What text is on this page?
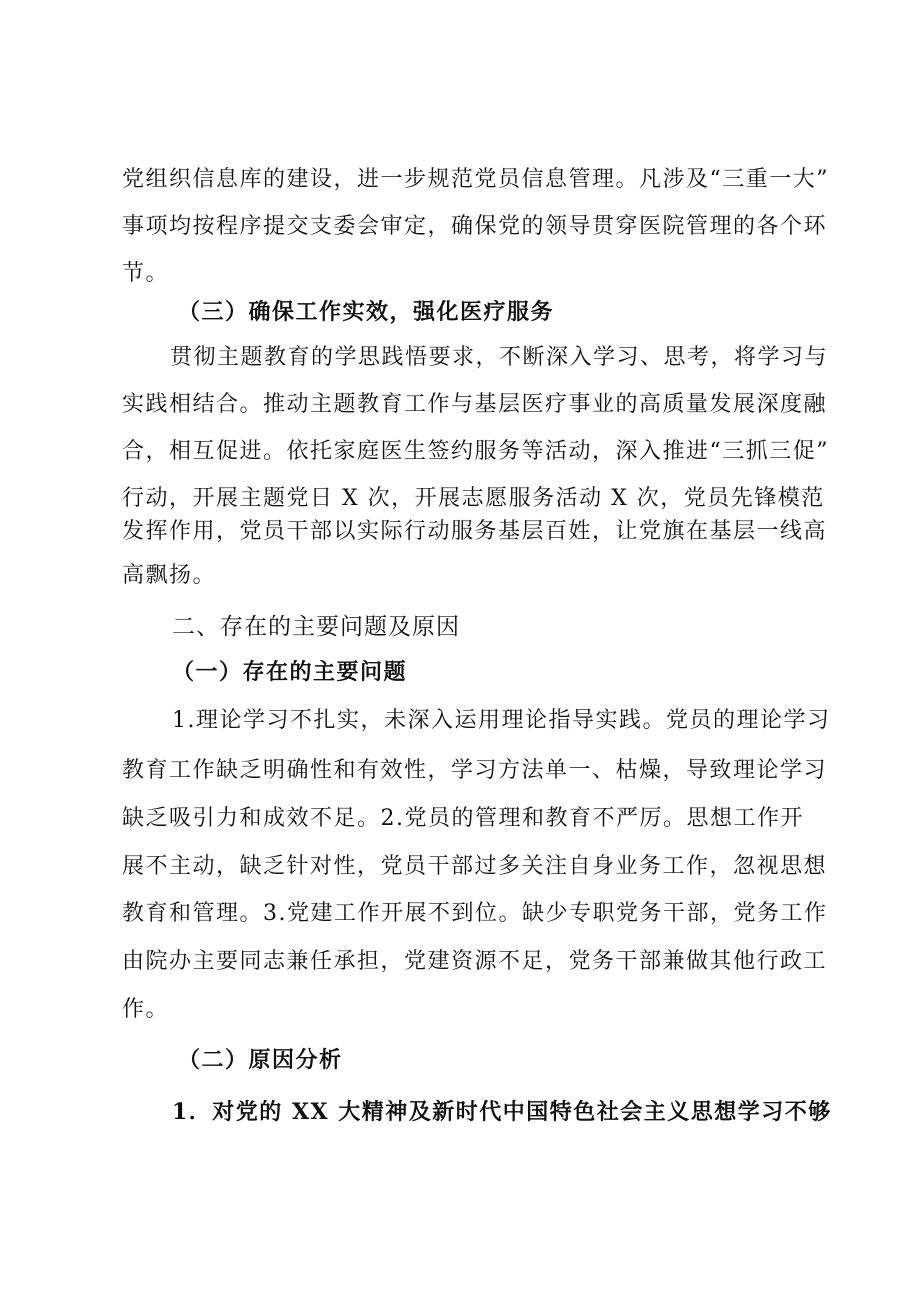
党组织信息库的建设，进一步规范党员信息管理。凡涉及“三重一大”
事项均按程序提交支委会审定，确保党的领导贯穿医院管理的各个环
节。
（三）确保工作实效，强化医疗服务
贯彻主题教育的学思践悟要求，不断深入学习、思考，将学习与
实践相结合。推动主题教育工作与基层医疗事业的高质量发展深度融
合，相互促进。依托家庭医生签约服务等活动，深入推进“三抓三促”
行动，开展主题党日 X 次，开展志愿服务活动 X 次，党员先锋模范
发挥作用，党员干部以实际行动服务基层百姓，让党旗在基层一线高
高飘扬。
二、存在的主要问题及原因
（一）存在的主要问题
1.理论学习不扎实，未深入运用理论指导实践。党员的理论学习
教育工作缺乏明确性和有效性，学习方法单一、枯燥，导致理论学习
缺乏吸引力和成效不足。2.党员的管理和教育不严厉。思想工作开
展不主动，缺乏针对性，党员干部过多关注自身业务工作，忽视思想
教育和管理。3.党建工作开展不到位。缺少专职党务干部，党务工作
由院办主要同志兼任承担，党建资源不足，党务干部兼做其他行政工
作。
（二）原因分析
1．对党的 XX 大精神及新时代中国特色社会主义思想学习不够
